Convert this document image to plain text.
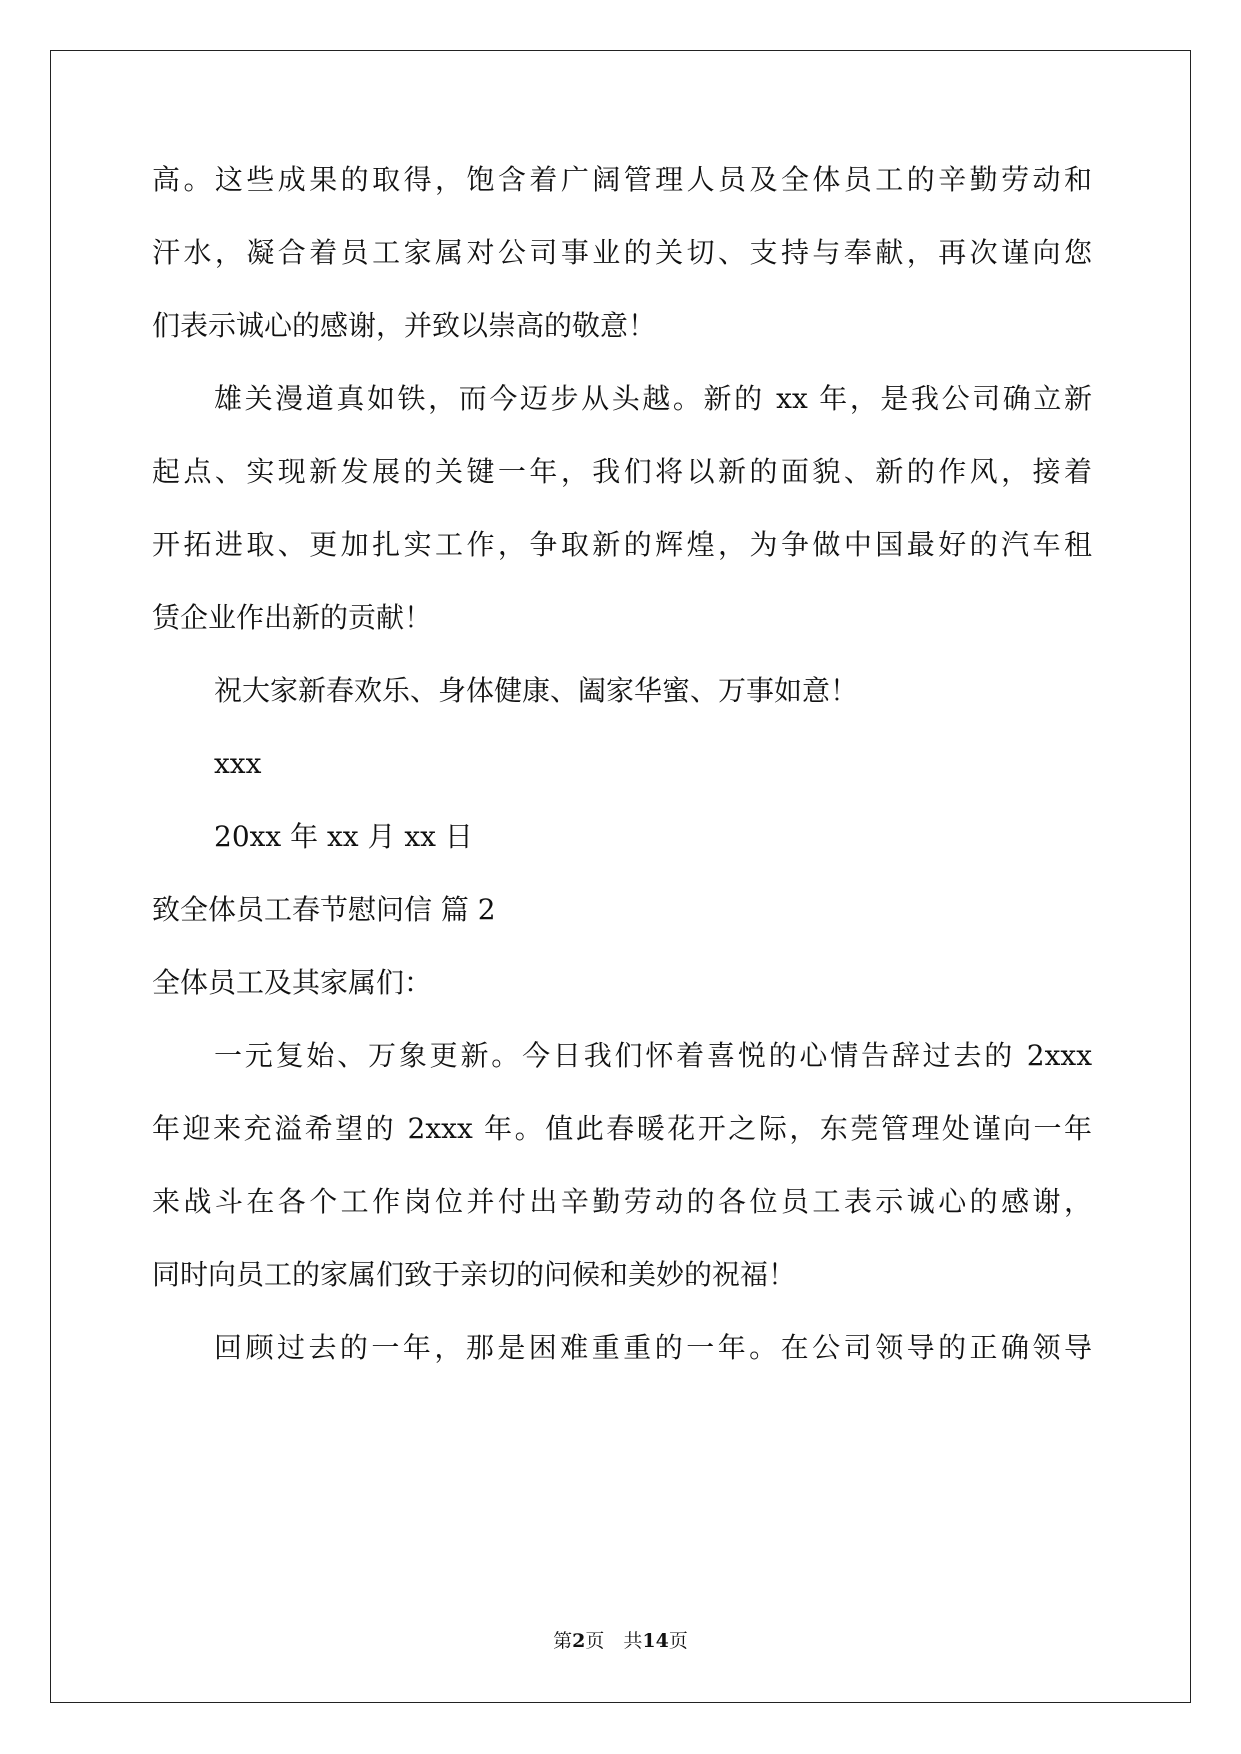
高。这些成果的取得，饱含着广阔管理人员及全体员工的辛勤劳动和
汗水，凝合着员工家属对公司事业的关切、支持与奉献，再次谨向您
们表示诚心的感谢，并致以崇高的敬意！
雄关漫道真如铁，而今迈步从头越。新的 xx 年，是我公司确立新
起点、实现新发展的关键一年，我们将以新的面貌、新的作风，接着
开拓进取、更加扎实工作，争取新的辉煌，为争做中国最好的汽车租
赁企业作出新的贡献！
祝大家新春欢乐、身体健康、阖家华蜜、万事如意！
xxx
20xx 年 xx 月 xx 日
致全体员工春节慰问信 篇 2
全体员工及其家属们：
一元复始、万象更新。今日我们怀着喜悦的心情告辞过去的 2xxx
年迎来充溢希望的 2xxx 年。值此春暖花开之际，东莞管理处谨向一年
来战斗在各个工作岗位并付出辛勤劳动的各位员工表示诚心的感谢，
同时向员工的家属们致于亲切的问候和美妙的祝福！
回顾过去的一年，那是困难重重的一年。在公司领导的正确领导
第2页　共14页
